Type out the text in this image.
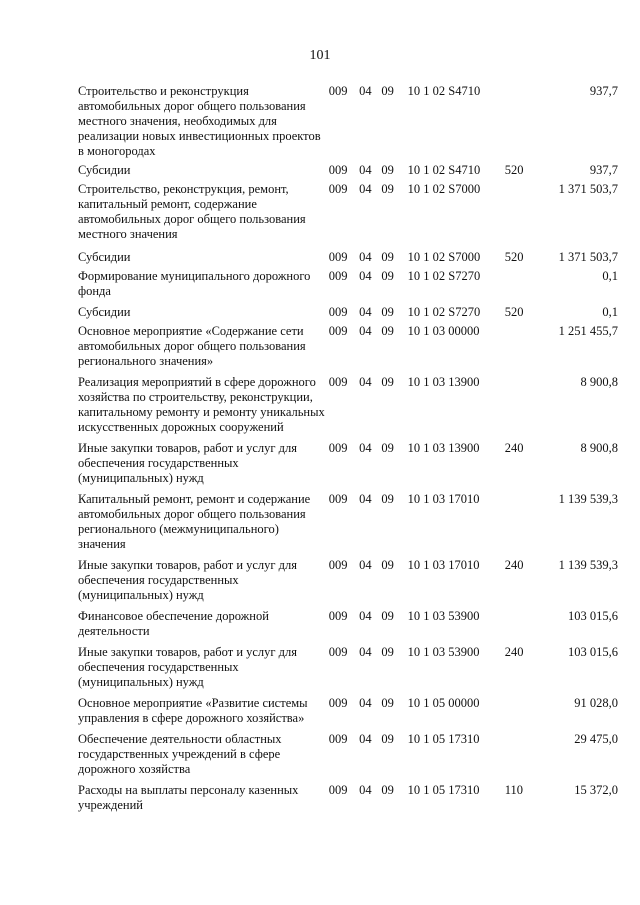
101
Строительство и реконструкция автомобильных дорог общего пользования местного значения, необходимых для реализации новых инвестиционных проектов в моногородах	009	04	09	10 1 02 S4710		937,7

Субсидии	009	04	09	10 1 02 S4710	520	937,7

Строительство, реконструкция, ремонт, капитальный ремонт, содержание автомобильных дорог общего пользования местного значения	009	04	09	10 1 02 S7000		1 371 503,7

Субсидии	009	04	09	10 1 02 S7000	520	1 371 503,7

Формирование муниципального дорожного фонда	009	04	09	10 1 02 S7270		0,1

Субсидии	009	04	09	10 1 02 S7270	520	0,1

Основное мероприятие «Содержание сети автомобильных дорог общего пользования регионального значения»	009	04	09	10 1 03 00000		1 251 455,7

Реализация мероприятий в сфере дорожного хозяйства по строительству, реконструкции, капитальному ремонту и ремонту уникальных искусственных дорожных сооружений	009	04	09	10 1 03 13900		8 900,8

Иные закупки товаров, работ и услуг для обеспечения государственных (муниципальных) нужд	009	04	09	10 1 03 13900	240	8 900,8

Капитальный ремонт, ремонт и содержание автомобильных дорог общего пользования регионального (межмуниципального) значения	009	04	09	10 1 03 17010		1 139 539,3

Иные закупки товаров, работ и услуг для обеспечения государственных (муниципальных) нужд	009	04	09	10 1 03 17010	240	1 139 539,3

Финансовое обеспечение дорожной деятельности	009	04	09	10 1 03 53900		103 015,6

Иные закупки товаров, работ и услуг для обеспечения государственных (муниципальных) нужд	009	04	09	10 1 03 53900	240	103 015,6

Основное мероприятие «Развитие системы управления в сфере дорожного хозяйства»	009	04	09	10 1 05 00000		91 028,0

Обеспечение деятельности областных государственных учреждений в сфере дорожного хозяйства	009	04	09	10 1 05 17310		29 475,0

Расходы на выплаты персоналу казенных учреждений	009	04	09	10 1 05 17310	110	15 372,0
